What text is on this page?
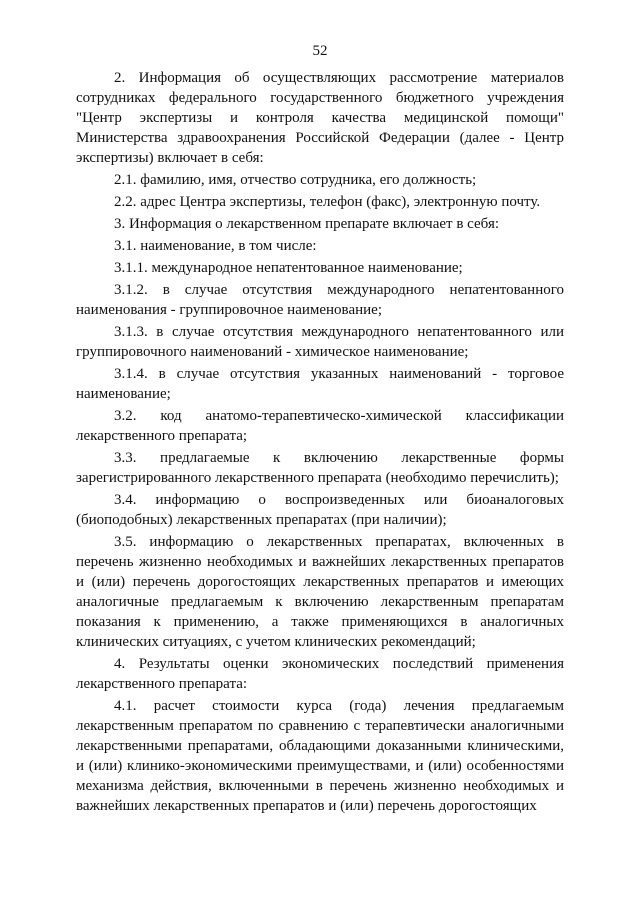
52

2. Информация об осуществляющих рассмотрение материалов сотрудниках федерального государственного бюджетного учреждения "Центр экспертизы и контроля качества медицинской помощи" Министерства здравоохранения Российской Федерации (далее - Центр экспертизы) включает в себя:

2.1. фамилию, имя, отчество сотрудника, его должность;

2.2. адрес Центра экспертизы, телефон (факс), электронную почту.

3. Информация о лекарственном препарате включает в себя:

3.1. наименование, в том числе:

3.1.1. международное непатентованное наименование;

3.1.2. в случае отсутствия международного непатентованного наименования - группировочное наименование;

3.1.3. в случае отсутствия международного непатентованного или группировочного наименований - химическое наименование;

3.1.4. в случае отсутствия указанных наименований - торговое наименование;

3.2. код анатомо-терапевтическо-химической классификации лекарственного препарата;

3.3. предлагаемые к включению лекарственные формы зарегистрированного лекарственного препарата (необходимо перечислить);

3.4. информацию о воспроизведенных или биоаналоговых (биоподобных) лекарственных препаратах (при наличии);

3.5. информацию о лекарственных препаратах, включенных в перечень жизненно необходимых и важнейших лекарственных препаратов и (или) перечень дорогостоящих лекарственных препаратов и имеющих аналогичные предлагаемым к включению лекарственным препаратам показания к применению, а также применяющихся в аналогичных клинических ситуациях, с учетом клинических рекомендаций;

4. Результаты оценки экономических последствий применения лекарственного препарата:

4.1. расчет стоимости курса (года) лечения предлагаемым лекарственным препаратом по сравнению с терапевтически аналогичными лекарственными препаратами, обладающими доказанными клиническими, и (или) клинико-экономическими преимуществами, и (или) особенностями механизма действия, включенными в перечень жизненно необходимых и важнейших лекарственных препаратов и (или) перечень дорогостоящих
